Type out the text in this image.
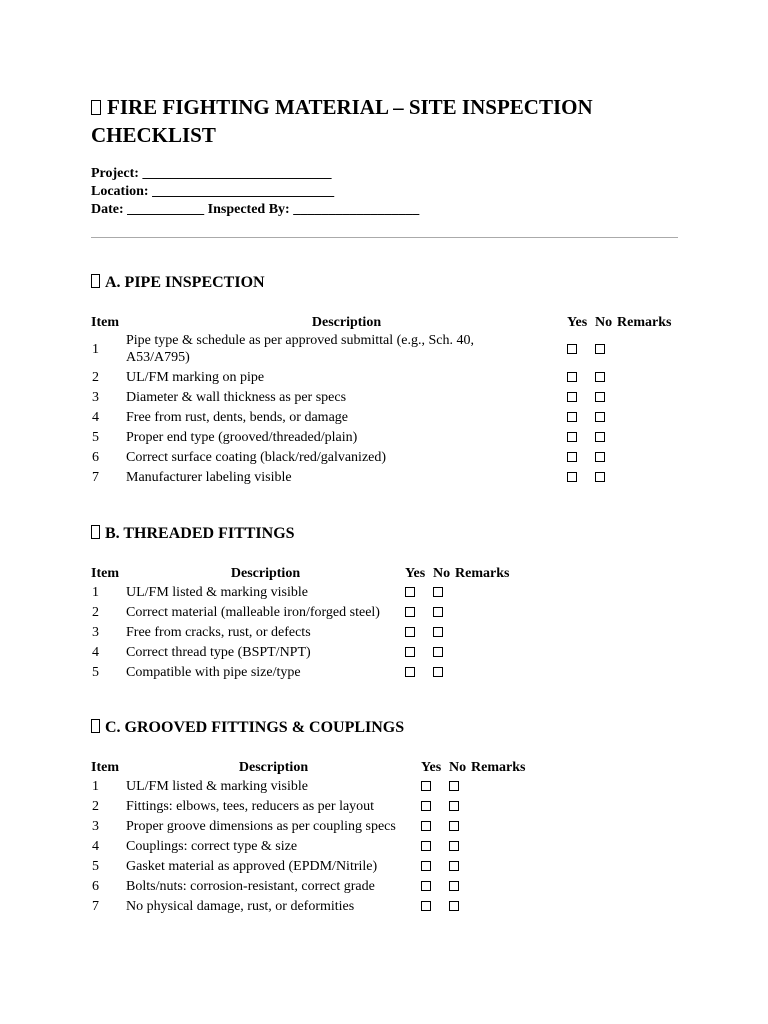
FIRE FIGHTING MATERIAL – SITE INSPECTION CHECKLIST
Project: ___________________________
Location: __________________________
Date: ___________ Inspected By: __________________
A. PIPE INSPECTION
Item	Description	Yes	No	Remarks
1	Pipe type & schedule as per approved submittal (e.g., Sch. 40, A53/A795)			
2	UL/FM marking on pipe			
3	Diameter & wall thickness as per specs			
4	Free from rust, dents, bends, or damage			
5	Proper end type (grooved/threaded/plain)			
6	Correct surface coating (black/red/galvanized)			
7	Manufacturer labeling visible			
B. THREADED FITTINGS
Item	Description	Yes	No	Remarks
1	UL/FM listed & marking visible			
2	Correct material (malleable iron/forged steel)			
3	Free from cracks, rust, or defects			
4	Correct thread type (BSPT/NPT)			
5	Compatible with pipe size/type			
C. GROOVED FITTINGS & COUPLINGS
Item	Description	Yes	No	Remarks
1	UL/FM listed & marking visible			
2	Fittings: elbows, tees, reducers as per layout			
3	Proper groove dimensions as per coupling specs			
4	Couplings: correct type & size			
5	Gasket material as approved (EPDM/Nitrile)			
6	Bolts/nuts: corrosion-resistant, correct grade			
7	No physical damage, rust, or deformities			
